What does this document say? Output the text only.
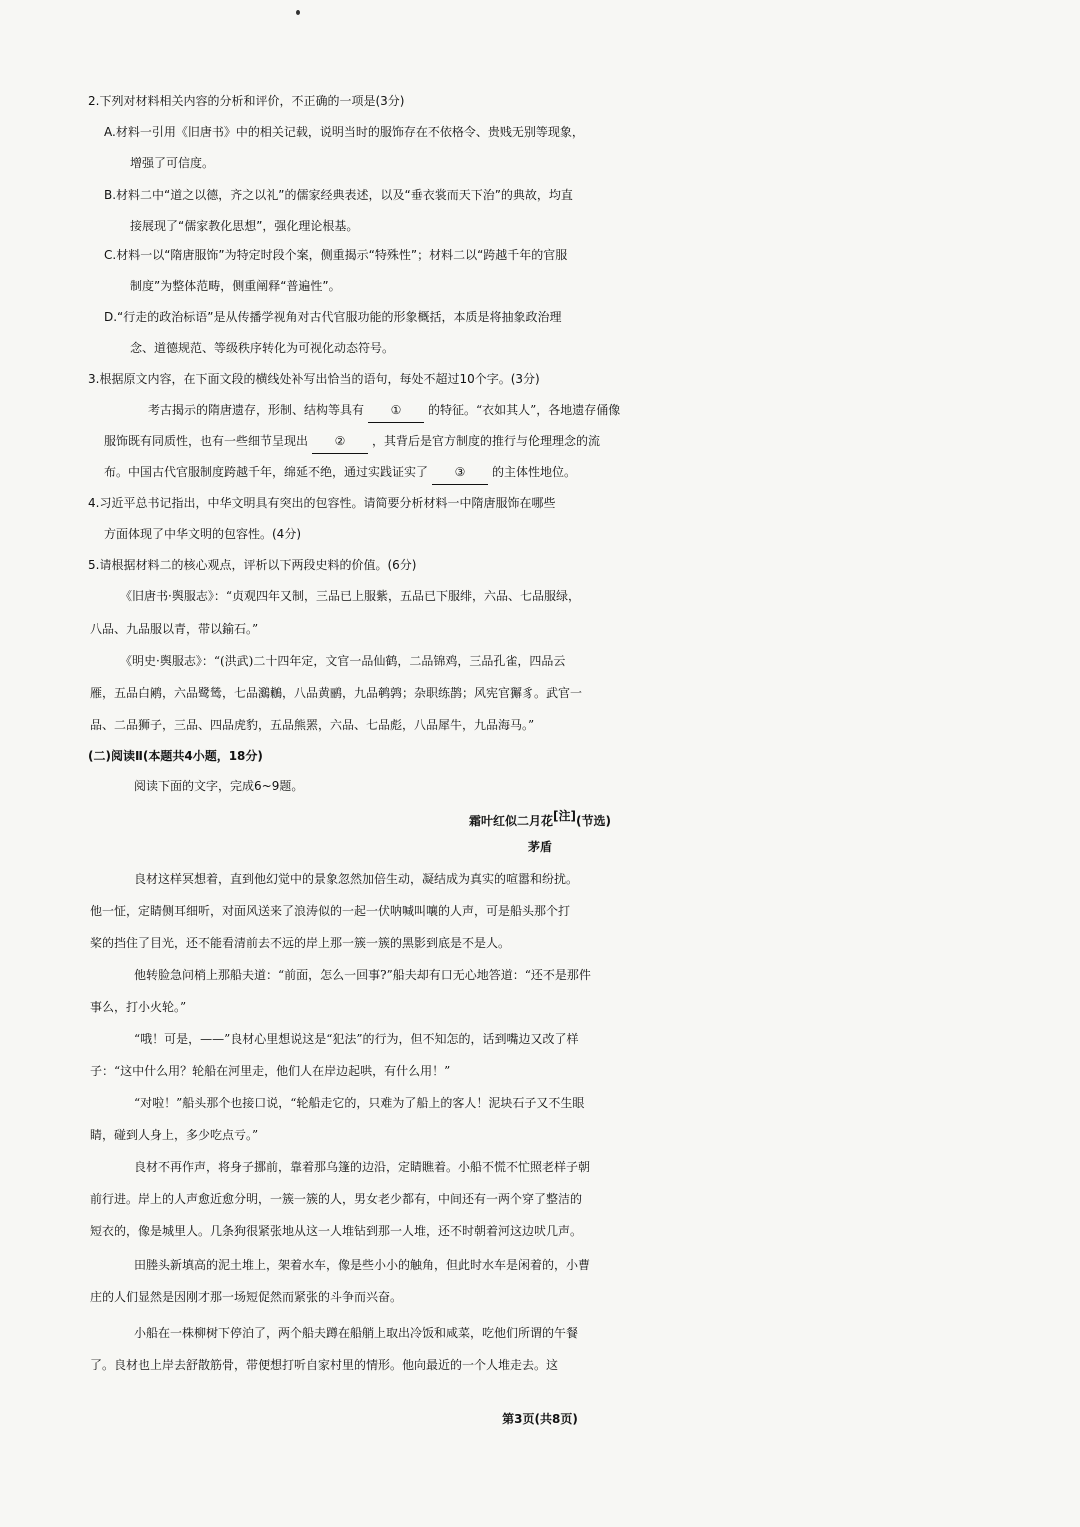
2.下列对材料相关内容的分析和评价，不正确的一项是(3分)
A.材料一引用《旧唐书》中的相关记载，说明当时的服饰存在不依格令、贵贱无别等现象，
增强了可信度。
B.材料二中“道之以德，齐之以礼”的儒家经典表述，以及“垂衣裳而天下治”的典故，均直
接展现了“儒家教化思想”，强化理论根基。
C.材料一以“隋唐服饰”为特定时段个案，侧重揭示“特殊性”；材料二以“跨越千年的官服
制度”为整体范畴，侧重阐释“普遍性”。
D.“行走的政治标语”是从传播学视角对古代官服功能的形象概括，本质是将抽象政治理
念、道德规范、等级秩序转化为可视化动态符号。
3.根据原文内容，在下面文段的横线处补写出恰当的语句，每处不超过10个字。(3分)
考古揭示的隋唐遗存，形制、结构等具有 ① 的特征。“衣如其人”，各地遗存俑像
服饰既有同质性，也有一些细节呈现出 ② ，其背后是官方制度的推行与伦理理念的流
布。中国古代官服制度跨越千年，绵延不绝，通过实践证实了 ③ 的主体性地位。
4.习近平总书记指出，中华文明具有突出的包容性。请简要分析材料一中隋唐服饰在哪些
方面体现了中华文明的包容性。(4分)
5.请根据材料二的核心观点，评析以下两段史料的价值。(6分)
《旧唐书·舆服志》：“贞观四年又制，三品已上服紫，五品已下服绯，六品、七品服绿，
八品、九品服以青，带以鍮石。”
《明史·舆服志》：“(洪武)二十四年定，文官一品仙鹤，二品锦鸡，三品孔雀，四品云
雁，五品白鹇，六品鹭鸶，七品鸂鶒，八品黄鹂，九品鹌鹑；杂职练鹊；风宪官獬豸。武官一
品、二品狮子，三品、四品虎豹，五品熊罴，六品、七品彪，八品犀牛，九品海马。”
(二)阅读Ⅱ(本题共4小题，18分)
阅读下面的文字，完成6~9题。
霜叶红似二月花[注](节选)
茅盾
良材这样冥想着，直到他幻觉中的景象忽然加倍生动，凝结成为真实的喧嚣和纷扰。
他一怔，定睛侧耳细听，对面风送来了浪涛似的一起一伏呐喊叫嚷的人声，可是船头那个打
桨的挡住了目光，还不能看清前去不远的岸上那一簇一簇的黑影到底是不是人。
他转脸急问梢上那船夫道：“前面，怎么一回事?”船夫却有口无心地答道：“还不是那件
事么，打小火轮。”
“哦！可是，——”良材心里想说这是“犯法”的行为，但不知怎的，话到嘴边又改了样
子：“这中什么用？轮船在河里走，他们人在岸边起哄，有什么用！”
“对啦！”船头那个也接口说，“轮船走它的，只难为了船上的客人！泥块石子又不生眼
睛，碰到人身上，多少吃点亏。”
良材不再作声，将身子挪前，靠着那乌篷的边沿，定睛瞧着。小船不慌不忙照老样子朝
前行进。岸上的人声愈近愈分明，一簇一簇的人，男女老少都有，中间还有一两个穿了整洁的
短衣的，像是城里人。几条狗很紧张地从这一人堆钻到那一人堆，还不时朝着河这边吠几声。
田塍头新填高的泥土堆上，架着水车，像是些小小的触角，但此时水车是闲着的，小曹
庄的人们显然是因刚才那一场短促然而紧张的斗争而兴奋。
小船在一株柳树下停泊了，两个船夫蹲在船艄上取出冷饭和咸菜，吃他们所谓的午餐
了。良材也上岸去舒散筋骨，带便想打听自家村里的情形。他向最近的一个人堆走去。这
第3页(共8页)
